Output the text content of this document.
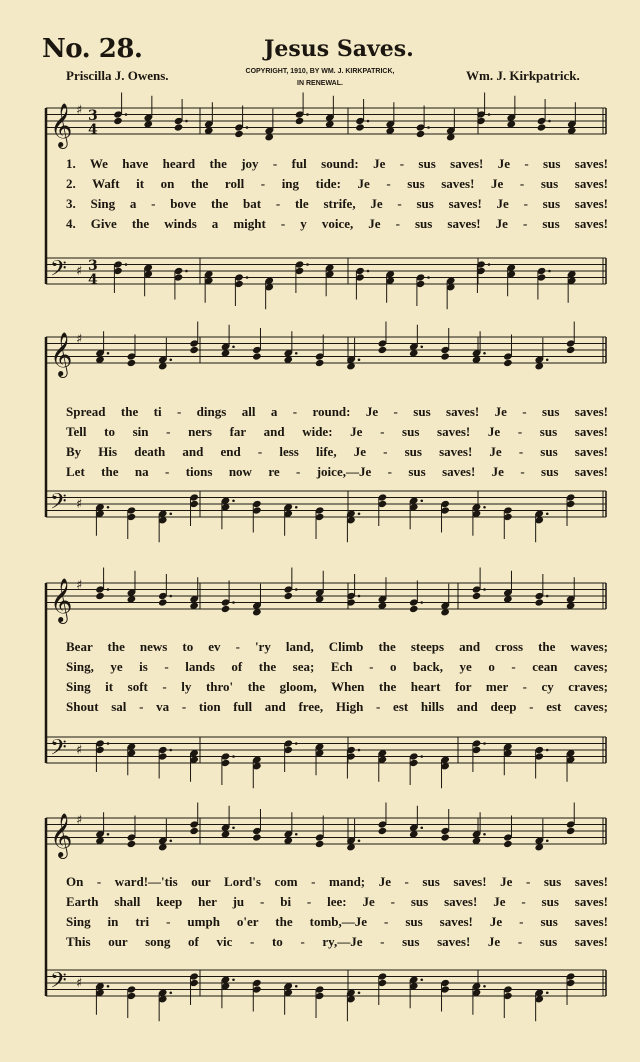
No. 28.	Jesus Saves.
Priscilla J. Owens.	COPYRIGHT, 1910, BY WM. J. KIRKPATRICK,
IN RENEWAL.
Wm. J. Kirkpatrick.
𝄞 ♯ 3
4
𝄞 ♯
𝄞 ♯
𝄞 ♯
𝄢 ♯ 3
4
𝄢 ♯
𝄢 ♯
𝄢 ♯
1. We have heard the joy - ful sound: Je - sus saves! Je - sus saves!
2. Waft it on the roll - ing tide: Je - sus saves! Je - sus saves!
3. Sing a - bove the bat - tle strife, Je - sus saves! Je - sus saves!
4. Give the winds a might - y voice, Je - sus saves! Je - sus saves!
Spread the ti - dings all a - round: Je - sus saves! Je - sus saves!
Tell to sin - ners far and wide: Je - sus saves! Je - sus saves!
By His death and end - less life, Je - sus saves! Je - sus saves!
Let the na - tions now re - joice,—Je - sus saves! Je - sus saves!
Bear the news to ev - 'ry land, Climb the steeps and cross the waves;
Sing, ye is - lands of the sea; Ech - o back, ye o - cean caves;
Sing it soft - ly thro' the gloom, When the heart for mer - cy craves;
Shout sal - va - tion full and free, High - est hills and deep - est caves;
On - ward!—'tis our Lord's com - mand; Je - sus saves! Je - sus saves!
Earth shall keep her ju - bi - lee: Je - sus saves! Je - sus saves!
Sing in tri - umph o'er the tomb,—Je - sus saves! Je - sus saves!
This our song of vic - to - ry,—Je - sus saves! Je - sus saves!
